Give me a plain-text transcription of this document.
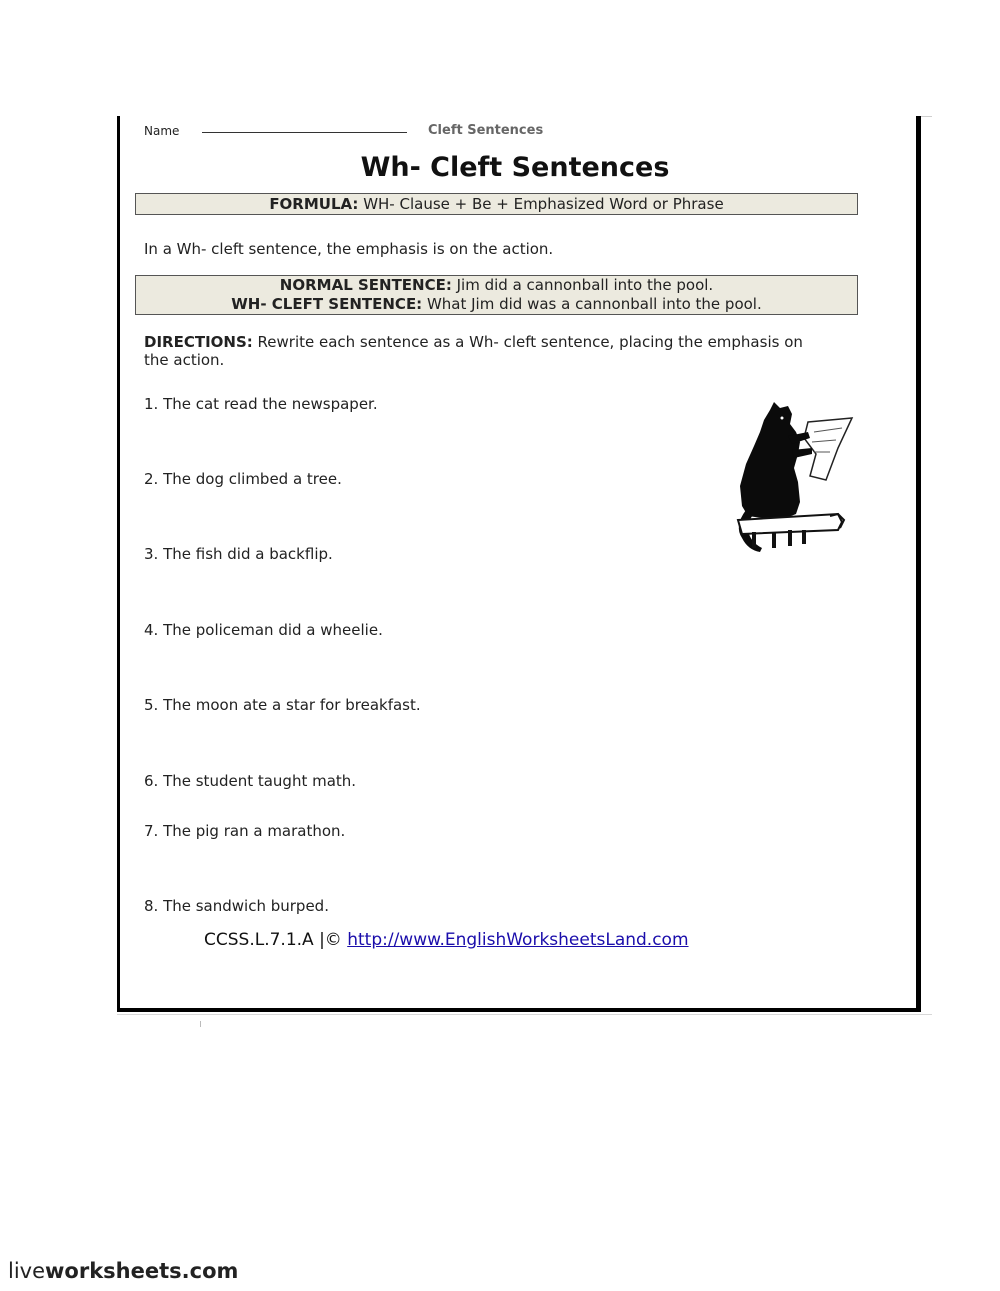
Name	Cleft Sentences
Wh- Cleft Sentences
FORMULA: WH- Clause + Be + Emphasized Word or Phrase
In a Wh- cleft sentence, the emphasis is on the action.
NORMAL SENTENCE: Jim did a cannonball into the pool.
WH- CLEFT SENTENCE: What Jim did was a cannonball into the pool.
DIRECTIONS: Rewrite each sentence as a Wh- cleft sentence, placing the emphasis on the action.
1. The cat read the newspaper.
2. The dog climbed a tree.
3. The fish did a backflip.
4. The policeman did a wheelie.
5. The moon ate a star for breakfast.
6. The student taught math.
7. The pig ran a marathon.
8. The sandwich burped.
CCSS.L.7.1.A |© http://www.EnglishWorksheetsLand.com
liveworksheets.com
